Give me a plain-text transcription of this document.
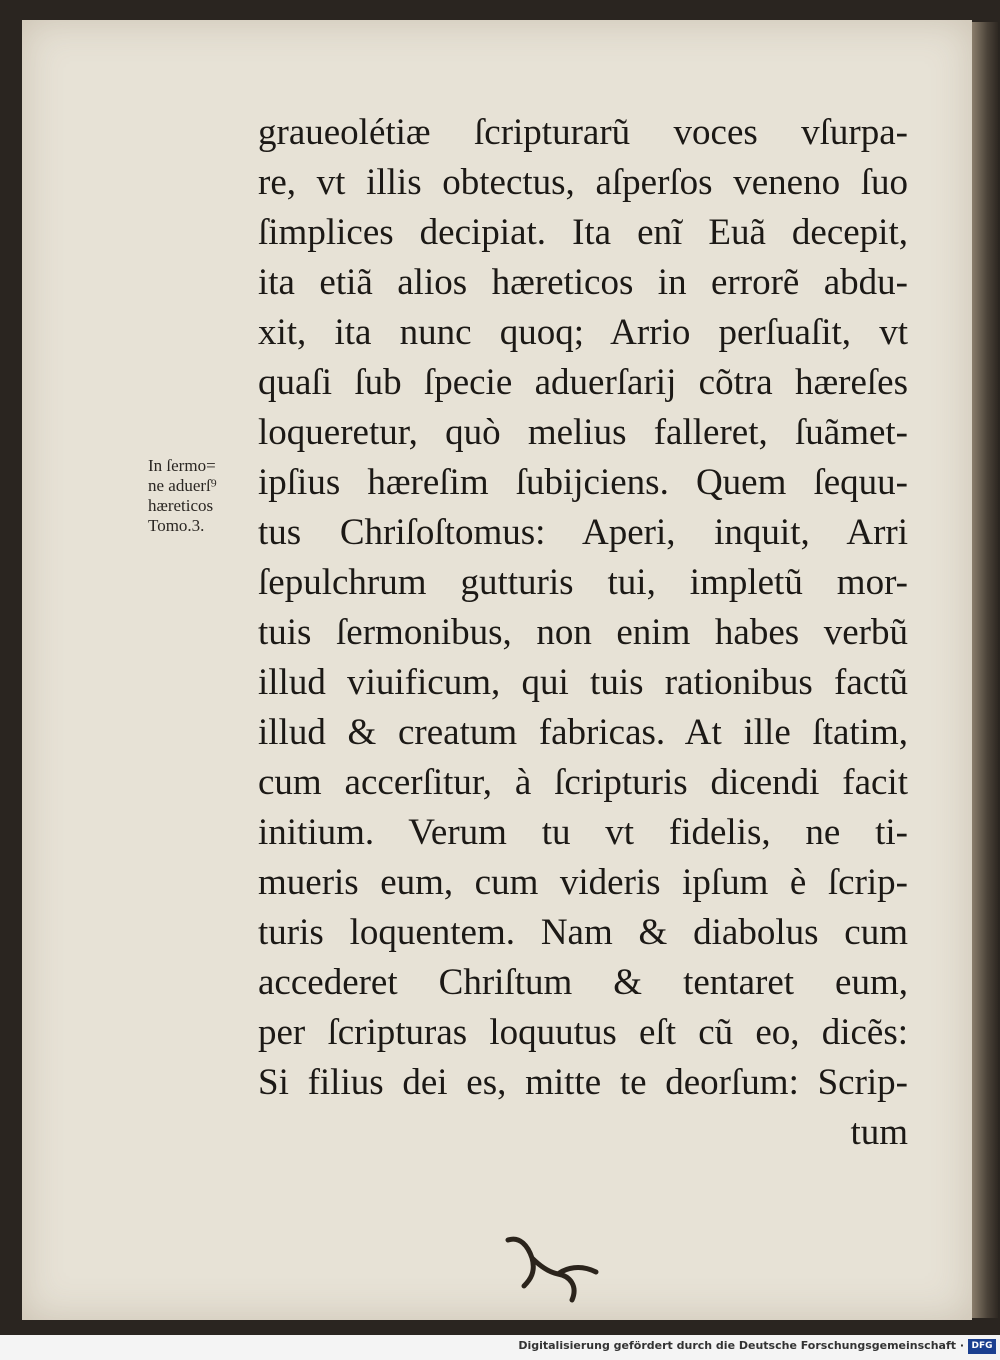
In ſermo=
ne aduerſ⁹
hæreticos
Tomo.3.
graueolétiæ ſcripturarũ voces vſurpa-
re, vt illis obtectus, aſperſos veneno ſuo
ſimplices decipiat. Ita enĩ Euã decepit,
ita etiã alios hæreticos in errorẽ abdu-
xit, ita nunc quoq; Arrio perſuaſit, vt
quaſi ſub ſpecie aduerſarij cõtra hæreſes
loqueretur, quò melius falleret, ſuãmet-
ipſius hæreſim ſubijciens. Quem ſequu-
tus Chriſoſtomus: Aperi, inquit, Arri
ſepulchrum gutturis tui, impletũ mor-
tuis ſermonibus, non enim habes verbũ
illud viuificum, qui tuis rationibus factũ
illud & creatum fabricas. At ille ſtatim,
cum accerſitur, à ſcripturis dicendi facit
initium. Verum tu vt fidelis, ne ti-
mueris eum, cum videris ipſum è ſcrip-
turis loquentem. Nam & diabolus cum
accederet Chriſtum & tentaret eum,
per ſcripturas loquutus eſt cũ eo, dicẽs:
Si filius dei es, mitte te deorſum: Scrip-
tum
Digitalisierung gefördert durch die Deutsche Forschungsgemeinschaft · DFG
